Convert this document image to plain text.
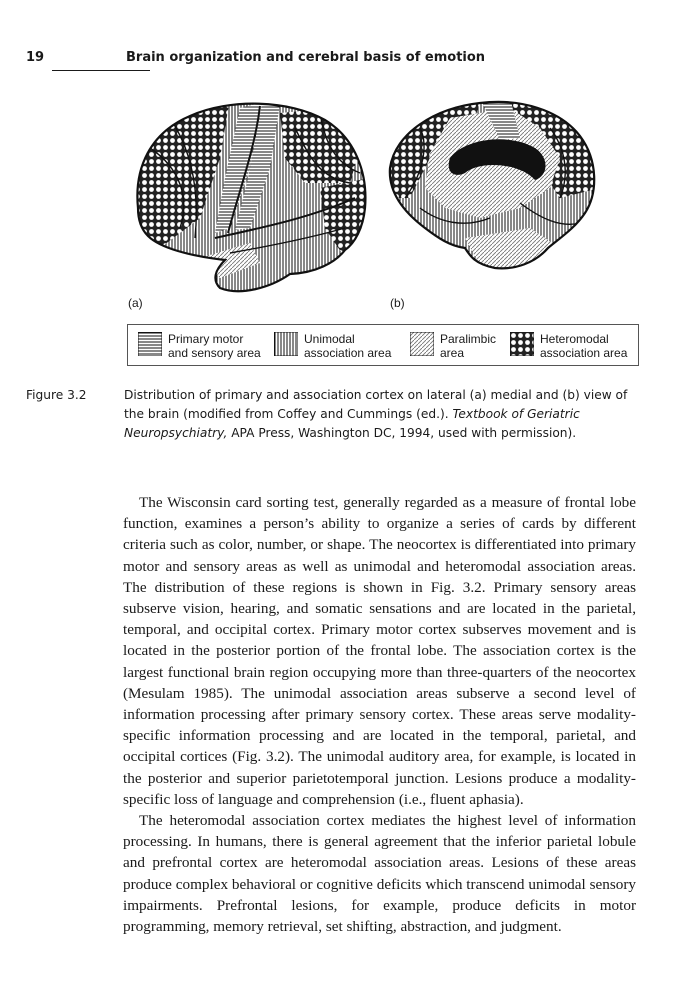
19	Brain organization and cerebral basis of emotion
(a)	(b)
Primary motor
and sensory area
Unimodal
association area
Paralimbic
area
Heteromodal
association area
Figure 3.2	Distribution of primary and association cortex on lateral (a) medial and (b) view of the brain (modified from Coffey and Cummings (ed.). Textbook of Geriatric Neuropsychiatry, APA Press, Washington DC, 1994, used with permission).

The Wisconsin card sorting test, generally regarded as a measure of frontal lobe function, examines a person’s ability to organize a series of cards by different criteria such as color, number, or shape. The neocortex is differentiated into primary motor and sensory areas as well as unimodal and heteromodal association areas. The distribution of these regions is shown in Fig. 3.2. Primary sensory areas subserve vision, hearing, and somatic sensations and are located in the parietal, temporal, and occipital cortex. Primary motor cortex subserves movement and is located in the posterior portion of the frontal lobe. The association cortex is the largest functional brain region occupying more than three-quarters of the neocortex (Mesulam 1985). The unimodal association areas subserve a second level of information processing after primary sensory cortex. These areas serve modality-specific information processing and are located in the temporal, parietal, and occipital cortices (Fig. 3.2). The unimodal auditory area, for example, is located in the posterior and superior parietotemporal junction. Lesions produce a modality-specific loss of language and comprehension (i.e., fluent aphasia).

The heteromodal association cortex mediates the highest level of information processing. In humans, there is general agreement that the inferior parietal lobule and prefrontal cortex are heteromodal association areas. Lesions of these areas produce complex behavioral or cognitive deficits which transcend unimodal sensory impairments. Prefrontal lesions, for example, produce deficits in motor programming, memory retrieval, set shifting, abstraction, and judgment.
